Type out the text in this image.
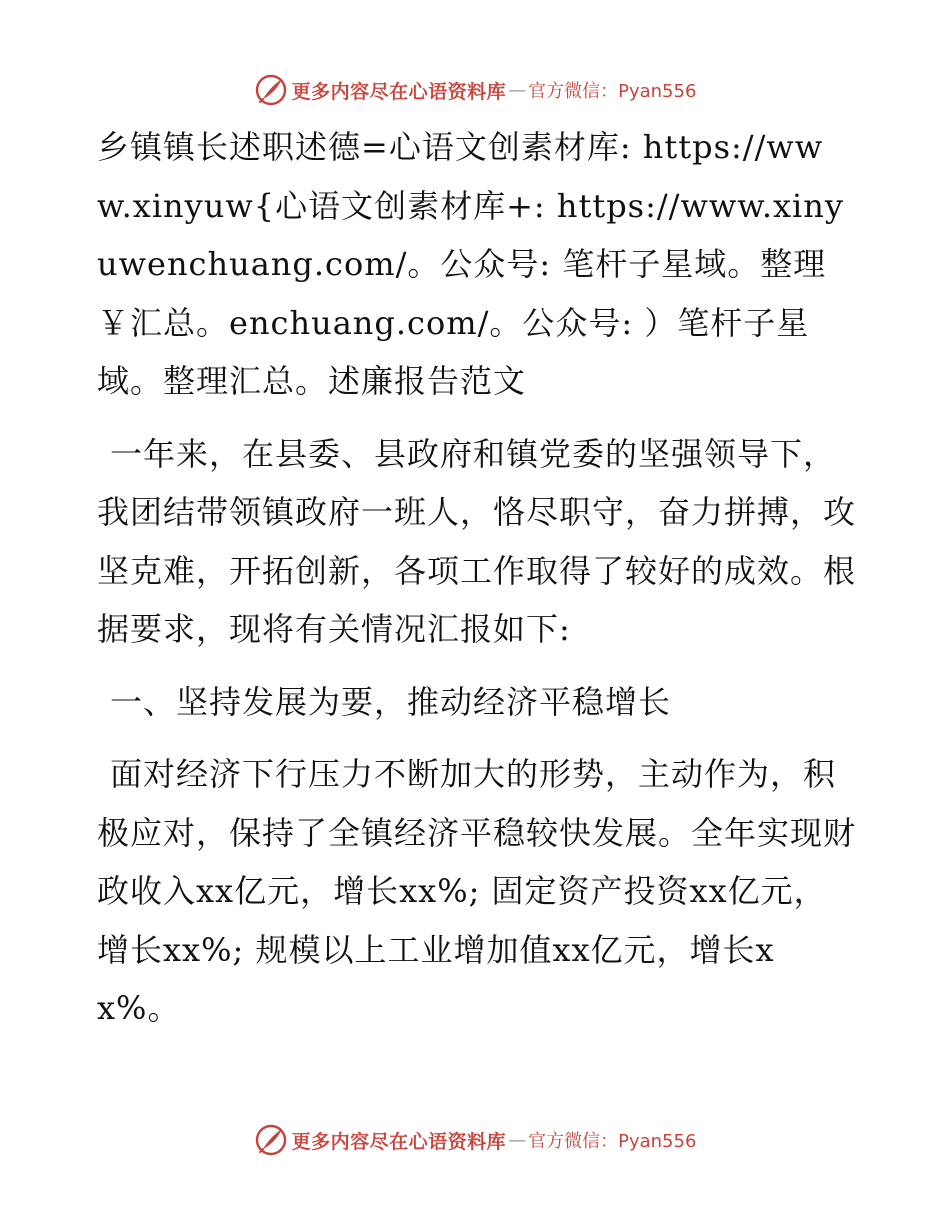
更多内容尽在心语资料库 — 官方微信：Pyan556

乡镇镇长述职述德=心语文创素材库: https://www.xinyuw{心语文创素材库+: https://www.xinyuwenchuang.com/。公众号: 笔杆子星域。整理￥汇总。enchuang.com/。公众号: ）笔杆子星域。整理汇总。述廉报告范文

一年来，在县委、县政府和镇党委的坚强领导下，我团结带领镇政府一班人，恪尽职守，奋力拼搏，攻坚克难，开拓创新，各项工作取得了较好的成效。根据要求，现将有关情况汇报如下:

一、坚持发展为要，推动经济平稳增长

面对经济下行压力不断加大的形势，主动作为，积极应对，保持了全镇经济平稳较快发展。全年实现财政收入xx亿元，增长xx%; 固定资产投资xx亿元，增长xx%; 规模以上工业增加值xx亿元，增长xx%。

更多内容尽在心语资料库 — 官方微信：Pyan556
